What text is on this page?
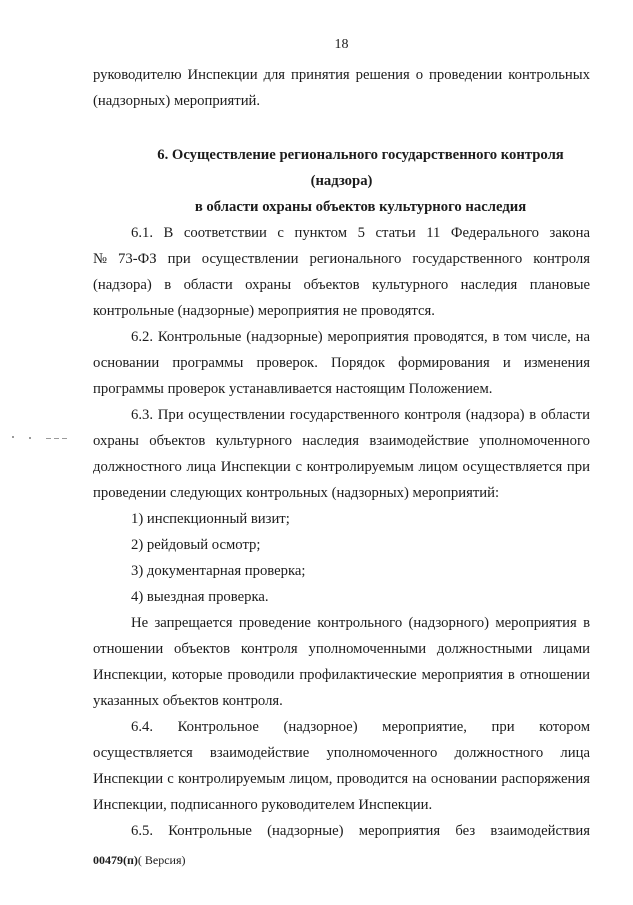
18
руководителю Инспекции для принятия решения о проведении контрольных
(надзорных) мероприятий.
6. Осуществление регионального государственного контроля
(надзора)
в области охраны объектов культурного наследия
6.1. В соответствии с пунктом 5 статьи 11 Федерального закона
№ 73-ФЗ при осуществлении регионального государственного контроля
(надзора) в области охраны объектов культурного наследия плановые
контрольные (надзорные) мероприятия не проводятся.
6.2. Контрольные (надзорные) мероприятия проводятся, в том числе, на
основании программы проверок. Порядок формирования и изменения
программы проверок устанавливается настоящим Положением.
6.3. При осуществлении государственного контроля (надзора) в области
охраны объектов культурного наследия взаимодействие уполномоченного
должностного лица Инспекции с контролируемым лицом осуществляется при
проведении следующих контрольных (надзорных) мероприятий:
1) инспекционный визит;
2) рейдовый осмотр;
3) документарная проверка;
4) выездная проверка.
Не запрещается проведение контрольного (надзорного) мероприятия в
отношении объектов контроля уполномоченными должностными лицами
Инспекции, которые проводили профилактические мероприятия в отношении
указанных объектов контроля.
6.4. Контрольное (надзорное) мероприятие, при котором
осуществляется взаимодействие уполномоченного должностного лица
Инспекции с контролируемым лицом, проводится на основании распоряжения
Инспекции, подписанного руководителем Инспекции.
6.5. Контрольные (надзорные) мероприятия без взаимодействия
00479(п)( Версия)
